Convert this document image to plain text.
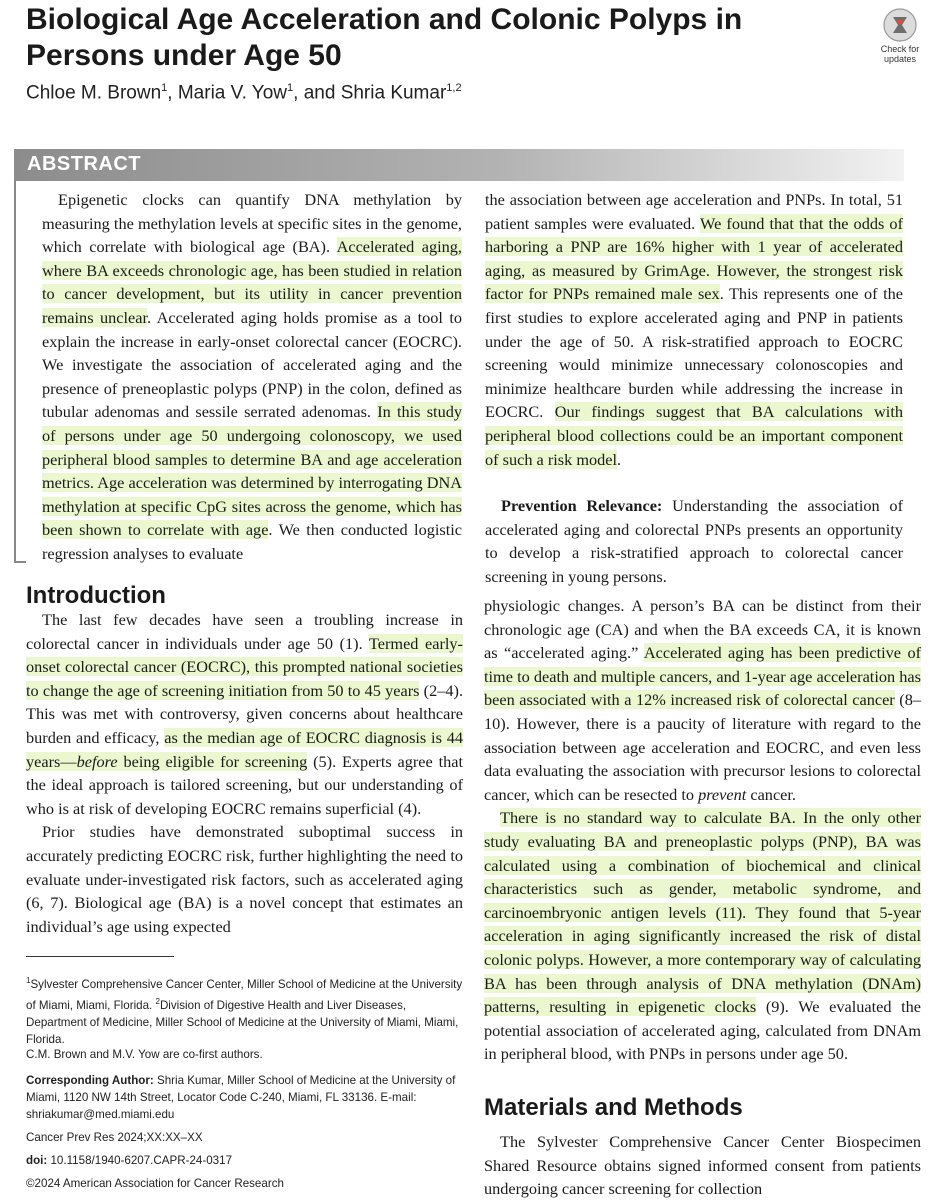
Biological Age Acceleration and Colonic Polyps in Persons under Age 50
Chloe M. Brown$^1$, Maria V. Yow$^1$, and Shria Kumar$^{1,2}$
Check for
updates
ABSTRACT

Epigenetic clocks can quantify DNA methylation by measuring the methylation levels at specific sites in the genome, which correlate with biological age (BA). Accelerated aging, where BA exceeds chronologic age, has been studied in relation to cancer development, but its utility in cancer prevention remains unclear. Accelerated aging holds promise as a tool to explain the increase in early-onset colorectal cancer (EOCRC). We investigate the association of accelerated aging and the presence of preneoplastic polyps (PNP) in the colon, defined as tubular adenomas and sessile serrated adenomas. In this study of persons under age 50 undergoing colonoscopy, we used peripheral blood samples to determine BA and age acceleration metrics. Age acceleration was determined by interrogating DNA methylation at specific CpG sites across the genome, which has been shown to correlate with age. We then conducted logistic regression analyses to evaluate

the association between age acceleration and PNPs. In total, 51 patient samples were evaluated. We found that that the odds of harboring a PNP are 16% higher with 1 year of accelerated aging, as measured by GrimAge. However, the strongest risk factor for PNPs remained male sex. This represents one of the first studies to explore accelerated aging and PNP in patients under the age of 50. A risk-stratified approach to EOCRC screening would minimize unnecessary colonoscopies and minimize healthcare burden while addressing the increase in EOCRC. Our findings suggest that BA calculations with peripheral blood collections could be an important component of such a risk model.

Prevention Relevance: Understanding the association of accelerated aging and colorectal PNPs presents an opportunity to develop a risk-stratified approach to colorectal cancer screening in young persons.

Introduction

The last few decades have seen a troubling increase in colorectal cancer in individuals under age 50 (1). Termed early-onset colorectal cancer (EOCRC), this prompted national societies to change the age of screening initiation from 50 to 45 years (2–4). This was met with controversy, given concerns about healthcare burden and efficacy, as the median age of EOCRC diagnosis is 44 years—before being eligible for screening (5). Experts agree that the ideal approach is tailored screening, but our understanding of who is at risk of developing EOCRC remains superficial (4).

Prior studies have demonstrated suboptimal success in accurately predicting EOCRC risk, further highlighting the need to evaluate under-investigated risk factors, such as accelerated aging (6, 7). Biological age (BA) is a novel concept that estimates an individual’s age using expected

$^1$Sylvester Comprehensive Cancer Center, Miller School of Medicine at the University of Miami, Miami, Florida. $^2$Division of Digestive Health and Liver Diseases, Department of Medicine, Miller School of Medicine at the University of Miami, Miami, Florida.
C.M. Brown and M.V. Yow are co-first authors.
Corresponding Author: Shria Kumar, Miller School of Medicine at the University of Miami, 1120 NW 14th Street, Locator Code C-240, Miami, FL 33136. E-mail: shriakumar@med.miami.edu
Cancer Prev Res 2024;XX:XX–XX
doi: 10.1158/1940-6207.CAPR-24-0317
©2024 American Association for Cancer Research

physiologic changes. A person’s BA can be distinct from their chronologic age (CA) and when the BA exceeds CA, it is known as “accelerated aging.” Accelerated aging has been predictive of time to death and multiple cancers, and 1-year age acceleration has been associated with a 12% increased risk of colorectal cancer (8–10). However, there is a paucity of literature with regard to the association between age acceleration and EOCRC, and even less data evaluating the association with precursor lesions to colorectal cancer, which can be resected to prevent cancer.

There is no standard way to calculate BA. In the only other study evaluating BA and preneoplastic polyps (PNP), BA was calculated using a combination of biochemical and clinical characteristics such as gender, metabolic syndrome, and carcinoembryonic antigen levels (11). They found that 5-year acceleration in aging significantly increased the risk of distal colonic polyps. However, a more contemporary way of calculating BA has been through analysis of DNA methylation (DNAm) patterns, resulting in epigenetic clocks (9). We evaluated the potential association of accelerated aging, calculated from DNAm in peripheral blood, with PNPs in persons under age 50.

Materials and Methods

The Sylvester Comprehensive Cancer Center Biospecimen Shared Resource obtains signed informed consent from patients undergoing cancer screening for collection
